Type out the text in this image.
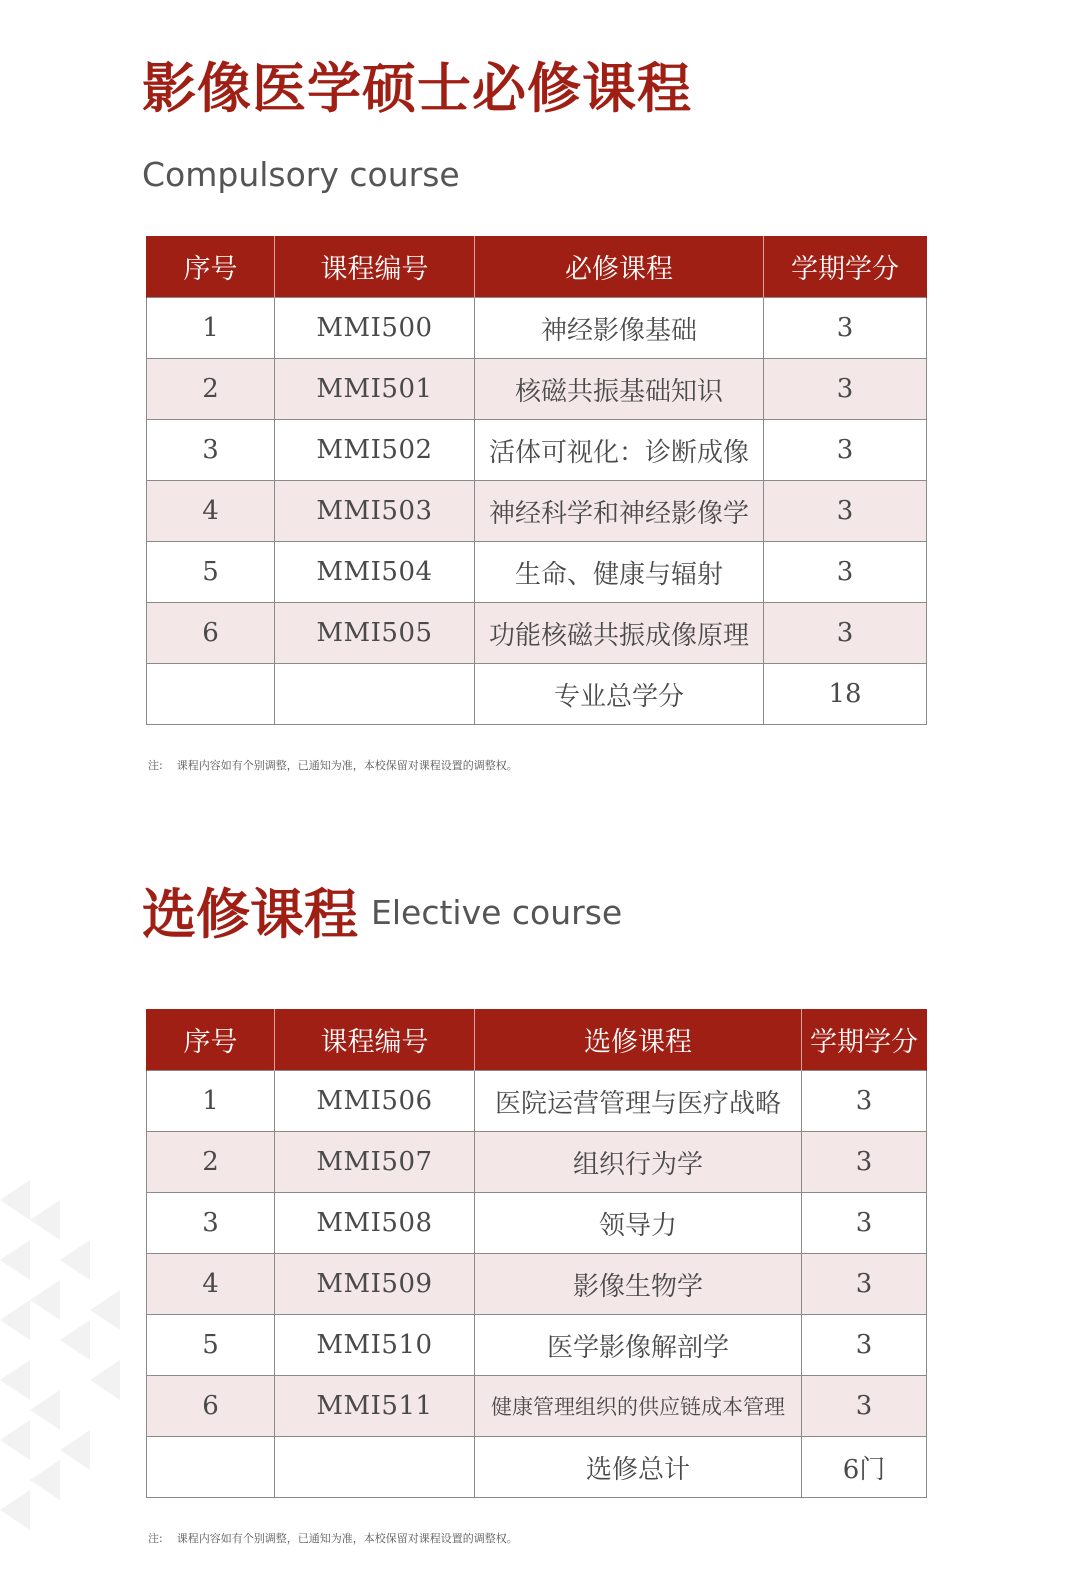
影像医学硕士必修课程
Compulsory course
序号	课程编号	必修课程	学期学分
1	MMI500	神经影像基础	3
2	MMI501	核磁共振基础知识	3
3	MMI502	活体可视化：诊断成像	3
4	MMI503	神经科学和神经影像学	3
5	MMI504	生命、健康与辐射	3
6	MMI505	功能核磁共振成像原理	3
		专业总学分	18
注: 课程内容如有个别调整，已通知为准，本校保留对课程设置的调整权。
选修课程 Elective course
序号	课程编号	选修课程	学期学分
1	MMI506	医院运营管理与医疗战略	3
2	MMI507	组织行为学	3
3	MMI508	领导力	3
4	MMI509	影像生物学	3
5	MMI510	医学影像解剖学	3
6	MMI511	健康管理组织的供应链成本管理	3
		选修总计	6门
注: 课程内容如有个别调整，已通知为准，本校保留对课程设置的调整权。
